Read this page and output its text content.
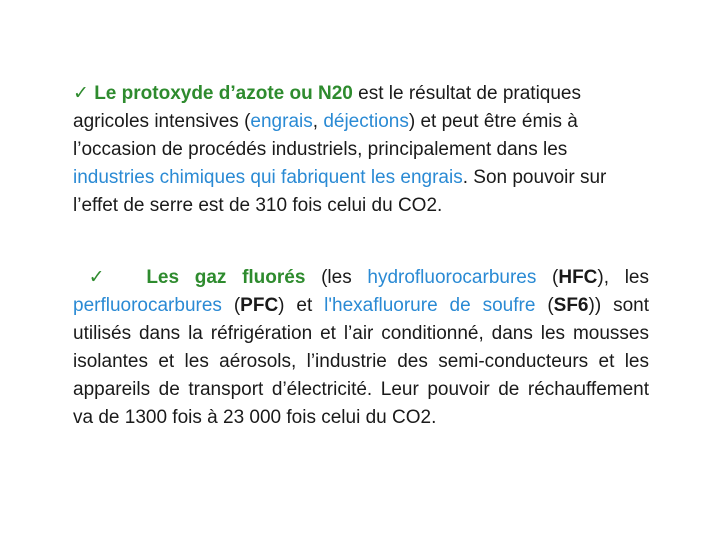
✓ Le protoxyde d’azote ou N20 est le résultat de pratiques agricoles intensives (engrais, déjections) et peut être émis à l’occasion de procédés industriels, principalement dans les industries chimiques qui fabriquent les engrais. Son pouvoir sur l’effet de serre est de 310 fois celui du CO2.

✓ Les gaz fluorés (les hydrofluorocarbures (HFC), les perfluorocarbures (PFC) et l'hexafluorure de soufre (SF6)) sont utilisés dans la réfrigération et l’air conditionné, dans les mousses isolantes et les aérosols, l’industrie des semi-conducteurs et les appareils de transport d’électricité. Leur pouvoir de réchauffement va de 1300 fois à 23 000 fois celui du CO2.
